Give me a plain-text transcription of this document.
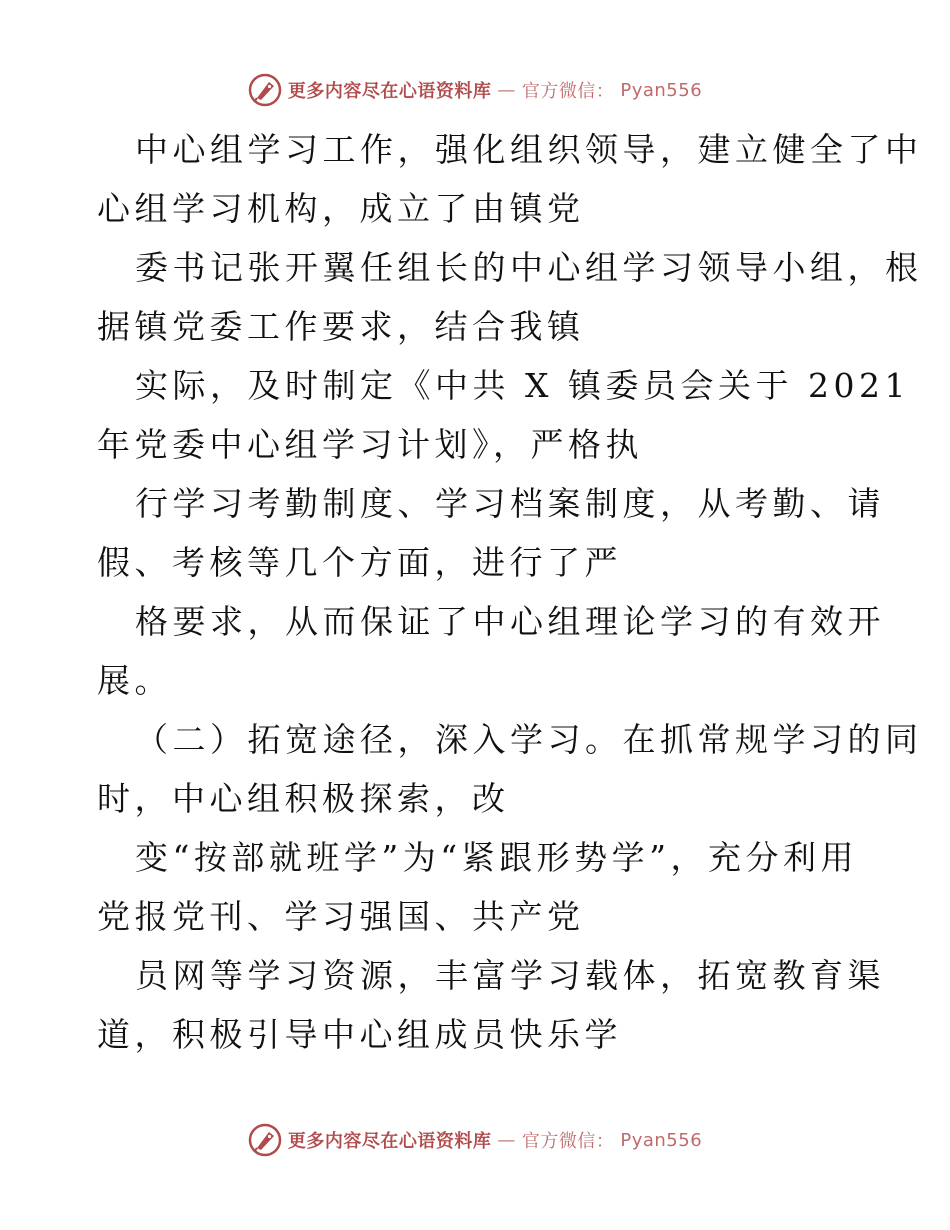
更多内容尽在心语资料库 — 官方微信： Pyan556
中心组学习工作，强化组织领导，建立健全了中
心组学习机构，成立了由镇党
委书记张开翼任组长的中心组学习领导小组，根
据镇党委工作要求，结合我镇
实际，及时制定《中共 X 镇委员会关于 2021
年党委中心组学习计划》，严格执
行学习考勤制度、学习档案制度，从考勤、请
假、考核等几个方面，进行了严
格要求，从而保证了中心组理论学习的有效开
展。
（二）拓宽途径，深入学习。在抓常规学习的同
时，中心组积极探索，改
变“按部就班学”为“紧跟形势学”，充分利用
党报党刊、学习强国、共产党
员网等学习资源，丰富学习载体，拓宽教育渠
道，积极引导中心组成员快乐学
更多内容尽在心语资料库 — 官方微信： Pyan556
